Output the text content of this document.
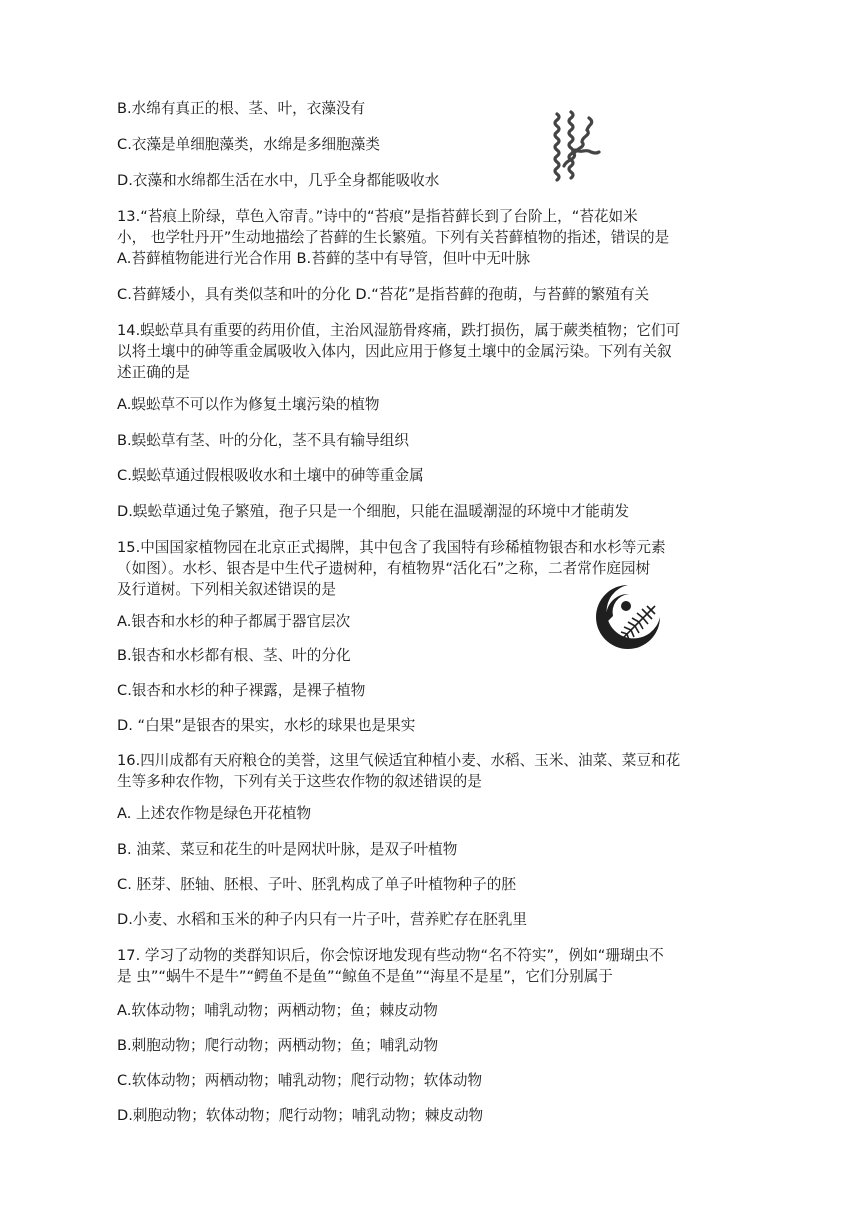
B.水绵有真正的根、茎、叶，衣藻没有
C.衣藻是单细胞藻类，水绵是多细胞藻类
D.衣藻和水绵都生活在水中，几乎全身都能吸收水
13.“苔痕上阶绿，草色入帘青。”诗中的“苔痕”是指苔藓长到了台阶上，“苔花如米
小， 也学牡丹开”生动地描绘了苔藓的生长繁殖。下列有关苔藓植物的指述，错误的是
A.苔藓植物能进行光合作用 B.苔藓的茎中有导管，但叶中无叶脉
C.苔藓矮小，具有类似茎和叶的分化 D.“苔花”是指苔藓的孢萌，与苔藓的繁殖有关
14.蜈蚣草具有重要的药用价值，主治风湿筋骨疼痛，跌打损伤，属于蕨类植物；它们可
以将土壤中的砷等重金属吸收入体内，因此应用于修复土壤中的金属污染。下列有关叙
述正确的是
A.蜈蚣草不可以作为修复土壤污染的植物
B.蜈蚣草有茎、叶的分化，茎不具有输导组织
C.蜈蚣草通过假根吸收水和土壤中的砷等重金属
D.蜈蚣草通过兔子繁殖，孢子只是一个细胞，只能在温暖潮湿的环境中才能萌发
15.中国国家植物园在北京正式揭牌，其中包含了我国特有珍稀植物银杏和水杉等元素
（如图）。水杉、银杏是中生代孑遗树种，有植物界“活化石”之称，二者常作庭园树
及行道树。下列相关叙述错误的是
A.银杏和水杉的种子都属于器官层次
B.银杏和水杉都有根、茎、叶的分化
C.银杏和水杉的种子裸露，是裸子植物
D. “白果”是银杏的果实，水杉的球果也是果实
16.四川成都有天府粮仓的美誉，这里气候适宜种植小麦、水稻、玉米、油菜、菜豆和花
生等多种农作物，下列有关于这些农作物的叙述错误的是
A. 上述农作物是绿色开花植物
B. 油菜、菜豆和花生的叶是网状叶脉，是双子叶植物
C. 胚芽、胚轴、胚根、子叶、胚乳构成了单子叶植物种子的胚
D.小麦、水稻和玉米的种子内只有一片子叶，营养贮存在胚乳里
17. 学习了动物的类群知识后，你会惊讶地发现有些动物“名不符实”，例如“珊瑚虫不
是 虫”“蜗牛不是牛”“鳄鱼不是鱼”“鲸鱼不是鱼”“海星不是星”，它们分别属于
A.软体动物；哺乳动物；两栖动物；鱼；棘皮动物
B.刺胞动物；爬行动物；两栖动物；鱼；哺乳动物
C.软体动物；两栖动物；哺乳动物；爬行动物；软体动物
D.刺胞动物；软体动物；爬行动物；哺乳动物；棘皮动物
